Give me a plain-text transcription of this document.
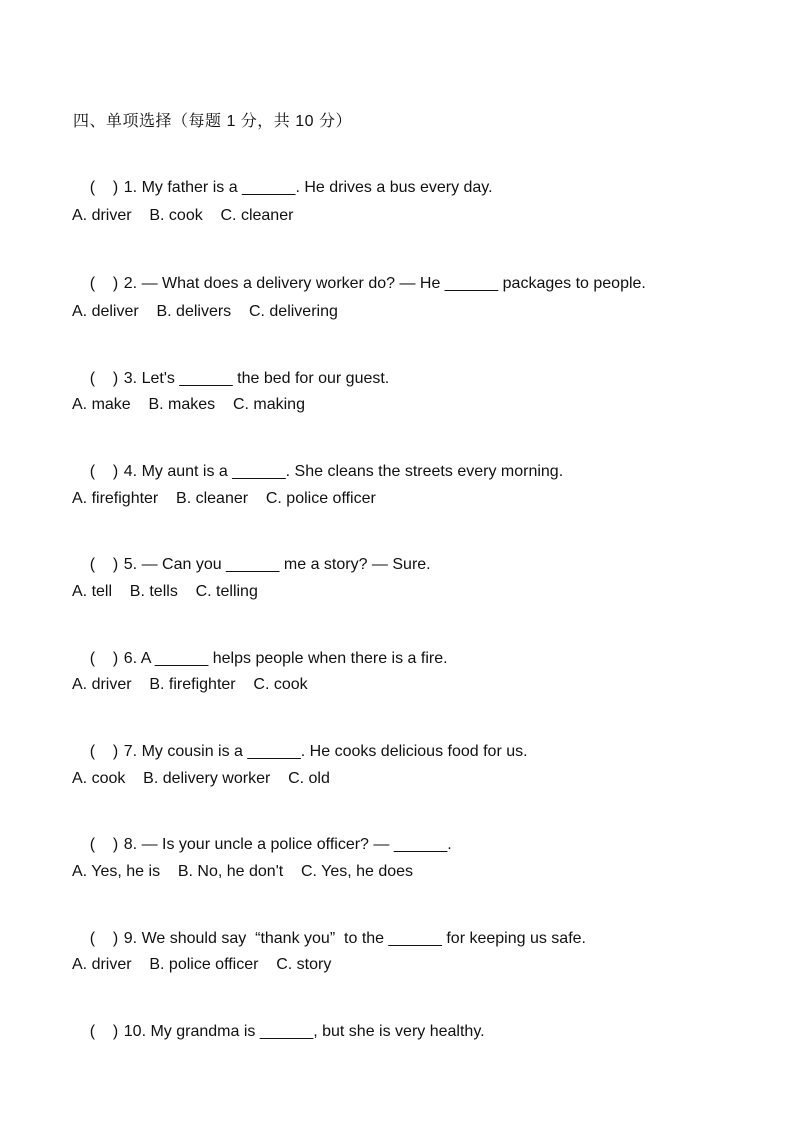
四、单项选择（每题 1 分，共 10 分）

(    ) 1. My father is a ______. He drives a bus every day.

A. driver    B. cook    C. cleaner

(    ) 2. — What does a delivery worker do? — He ______ packages to people.

A. deliver    B. delivers    C. delivering

(    ) 3. Let's ______ the bed for our guest.

A. make    B. makes    C. making

(    ) 4. My aunt is a ______. She cleans the streets every morning.

A. firefighter    B. cleaner    C. police officer

(    ) 5. — Can you ______ me a story? — Sure.

A. tell    B. tells    C. telling

(    ) 6. A ______ helps people when there is a fire.

A. driver    B. firefighter    C. cook

(    ) 7. My cousin is a ______. He cooks delicious food for us.

A. cook    B. delivery worker    C. old

(    ) 8. — Is your uncle a police officer? — ______.

A. Yes, he is    B. No, he don't    C. Yes, he does

(    ) 9. We should say  “thank you”  to the ______ for keeping us safe.

A. driver    B. police officer    C. story

(    ) 10. My grandma is ______, but she is very healthy.
